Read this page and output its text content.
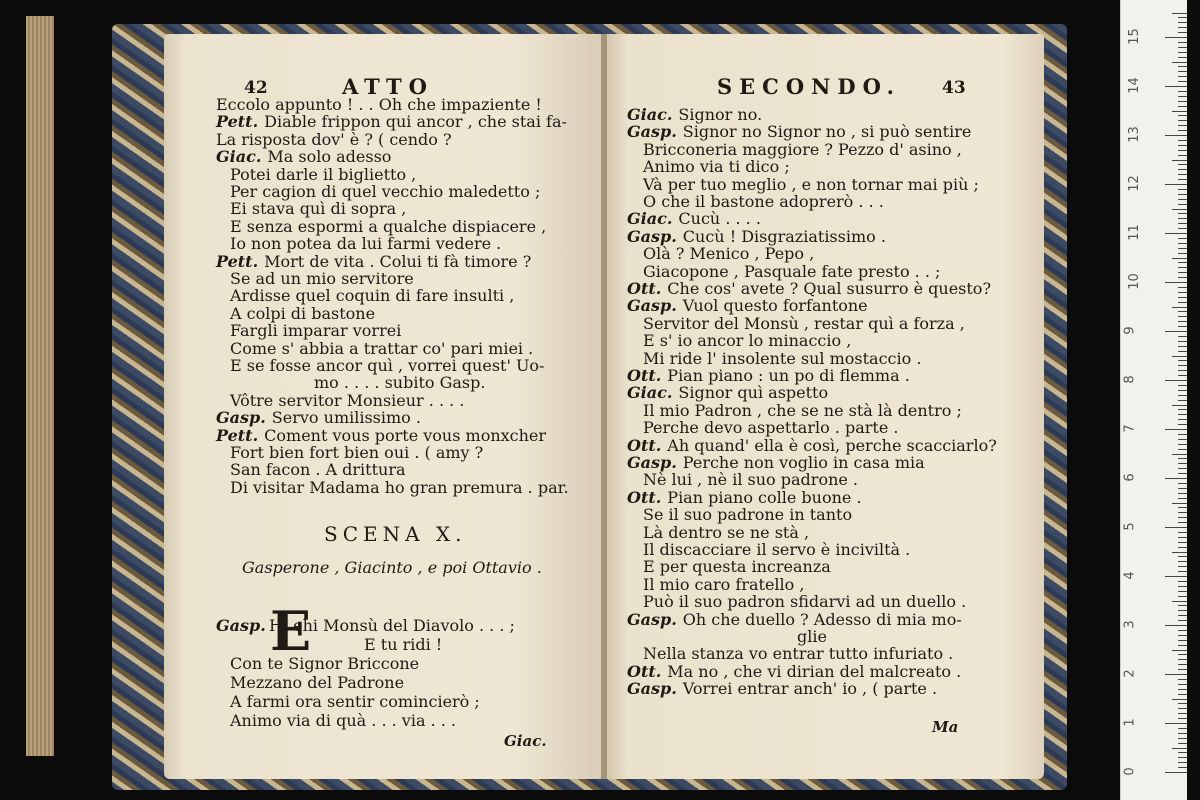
42	ATTO
Eccolo appunto ! . . Oh che impaziente !
Pett. Diable frippon qui ancor , che stai fa-
La risposta dov' è ? ( cendo ?
Giac. Ma solo adesso
Potei darle il biglietto ,
Per cagion di quel vecchio maledetto ;
Ei stava quì di sopra ,
E senza espormi a qualche dispiacere ,
Io non potea da lui farmi vedere .
Pett. Mort de vita . Colui ti fà timore ?
Se ad un mio servitore
Ardisse quel coquin di fare insulti ,
A colpi di bastone
Fargli imparar vorrei
Come s' abbia a trattar co' pari miei .
E se fosse ancor quì , vorrei quest' Uo-
mo . . . . subito Gasp.
Vôtre servitor Monsieur . . . .
Gasp. Servo umilissimo .
Pett. Coment vous porte vous monxcher
Fort bien fort bien oui . ( amy ?
San facon . A drittura
Di visitar Madama ho gran premura . par.
SCENA X.
Gasperone , Giacinto , e poi Ottavio .
Gasp. E
Hi ehi Monsù del Diavolo . . . ;
E tu ridi !
Con te Signor Briccone
Mezzano del Padrone
A farmi ora sentir comincierò ;
Animo via di quà . . . via . . .
Giac.
SECONDO. 43
Giac. Signor no.
Gasp. Signor no Signor no , si può sentire
Bricconeria maggiore ? Pezzo d' asino ,
Animo via ti dico ;
Và per tuo meglio , e non tornar mai più ;
O che il bastone adoprerò . . .
Giac. Cucù . . . .
Gasp. Cucù ! Disgraziatissimo .
Olà ? Menico , Pepo ,
Giacopone , Pasquale fate presto . . ;
Ott. Che cos' avete ? Qual susurro è questo?
Gasp. Vuol questo forfantone
Servitor del Monsù , restar quì a forza ,
E s' io ancor lo minaccio ,
Mi ride l' insolente sul mostaccio .
Ott. Pian piano : un po di flemma .
Giac. Signor quì aspetto
Il mio Padron , che se ne stà là dentro ;
Perche devo aspettarlo . parte .
Ott. Ah quand' ella è così, perche scacciarlo?
Gasp. Perche non voglio in casa mia
Nè lui , nè il suo padrone .
Ott. Pian piano colle buone .
Se il suo padrone in tanto
Là dentro se ne stà ,
Il discacciare il servo è inciviltà .
E per questa increanza
Il mio caro fratello ,
Può il suo padron sfidarvi ad un duello .
Gasp. Oh che duello ? Adesso di mia mo-
glie
Nella stanza vo entrar tutto infuriato .
Ott. Ma no , che vi dirian del malcreato .
Gasp. Vorrei entrar anch' io , ( parte .
Ma
0
1
2
3
4
5
6
7
8
9
10
11
12
13
14
15
